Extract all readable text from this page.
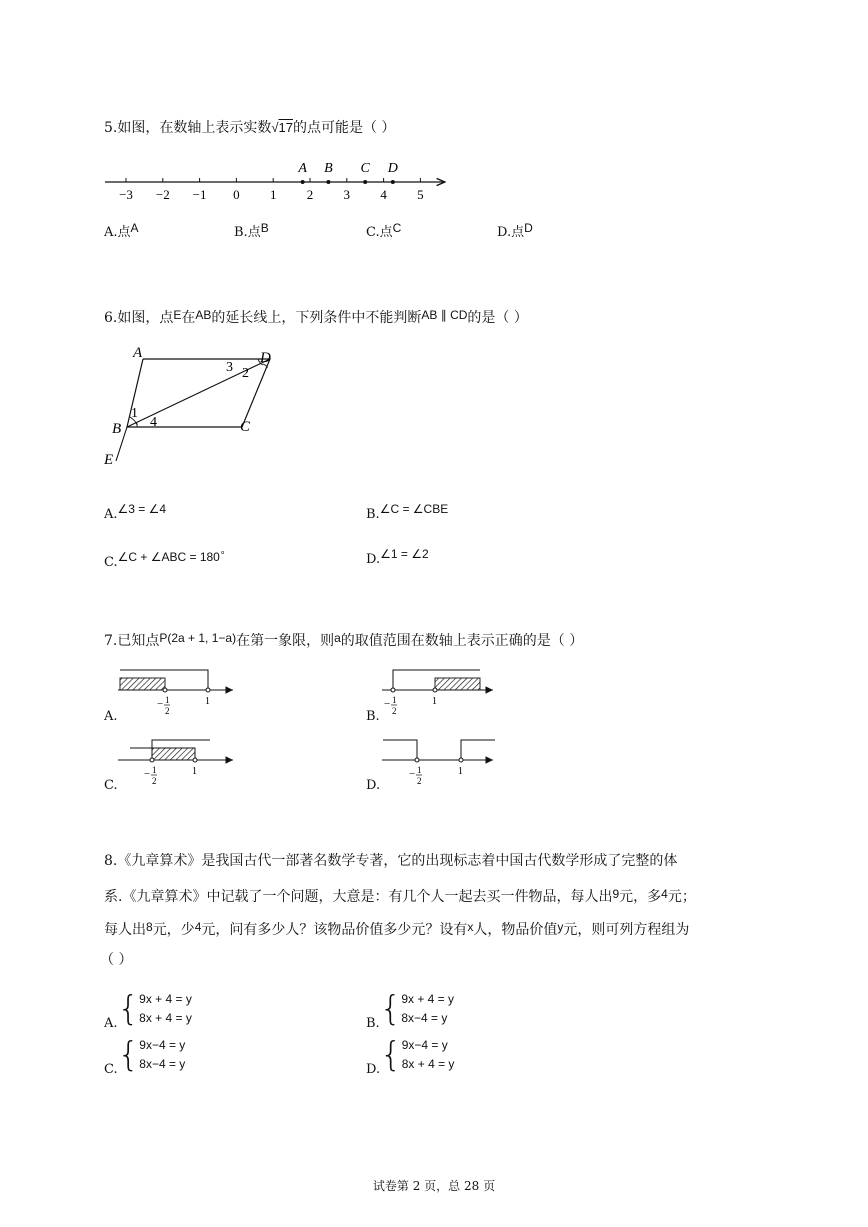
5.如图，在数轴上表示实数√17的点可能是（ ）
−3 −2 −1 0 1 2 3 4 5
A B C D
A.点A	B.点B	C.点C	D.点D
6.如图，点E在AB的延长线上，下列条件中不能判断AB ∥ CD的是（ ）
A	D
B	C
E
1
2
3
4
A.∠3 = ∠4	B.∠C = ∠CBE
C.∠C + ∠ABC = 180∘	D.∠1 = ∠2
7.已知点P(2a + 1, 1−a)在第一象限，则a的取值范围在数轴上表示正确的是（ ）
− 1
2
1	− 1
2
1
− 1
2
1	− 1
2
1
A.	B.
C.	D.
8.《九章算术》是我国古代一部著名数学专著，它的出现标志着中国古代数学形成了完整的体
系.《九章算术》中记载了一个问题，大意是：有几个人一起去买一件物品，每人出9元，多4元；
每人出8元，少4元，问有多少人？该物品价值多少元？设有x人，物品价值y元，则可列方程组为
（ ）
A.{9x + 4 = y
8x + 4 = y	B.{9x + 4 = y
8x−4 = y
C.{9x−4 = y
8x−4 = y	D.{9x−4 = y
8x + 4 = y
试卷第 2 页，总 28 页
